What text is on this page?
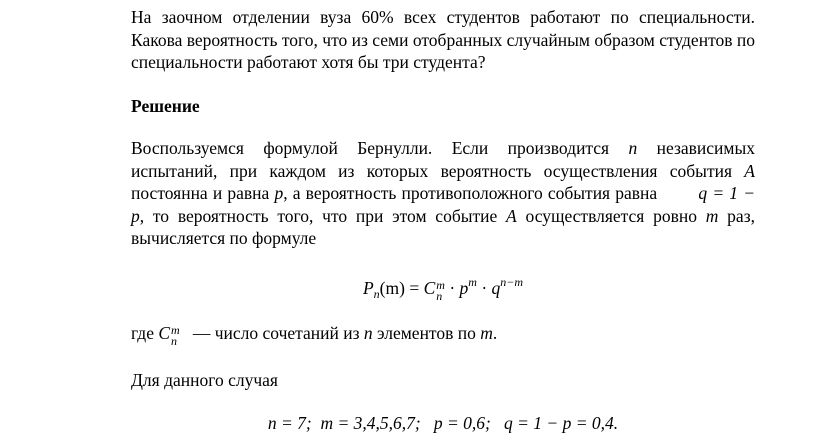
На заочном отделении вуза 60% всех студентов работают по специальности. Какова вероятность того, что из семи отобранных случайным образом студентов по специальности работают хотя бы три студента?

Решение

Воспользуемся формулой Бернулли. Если производится n независимых испытаний, при каждом из которых вероятность осуществления события A постоянна и равна p, а вероятность противоположного события равна        q = 1 − p, то вероятность того, что при этом событие A осуществляется ровно m раз, вычисляется по формуле

$P_n(m) = C$ m
$n \cdot p^m \cdot q^{n-m}$

где C m
n — число сочетаний из n элементов по m.

Для данного случая

n = 7; m = 3,4,5,6,7; p = 0,6; q = 1 − p = 0,4.
